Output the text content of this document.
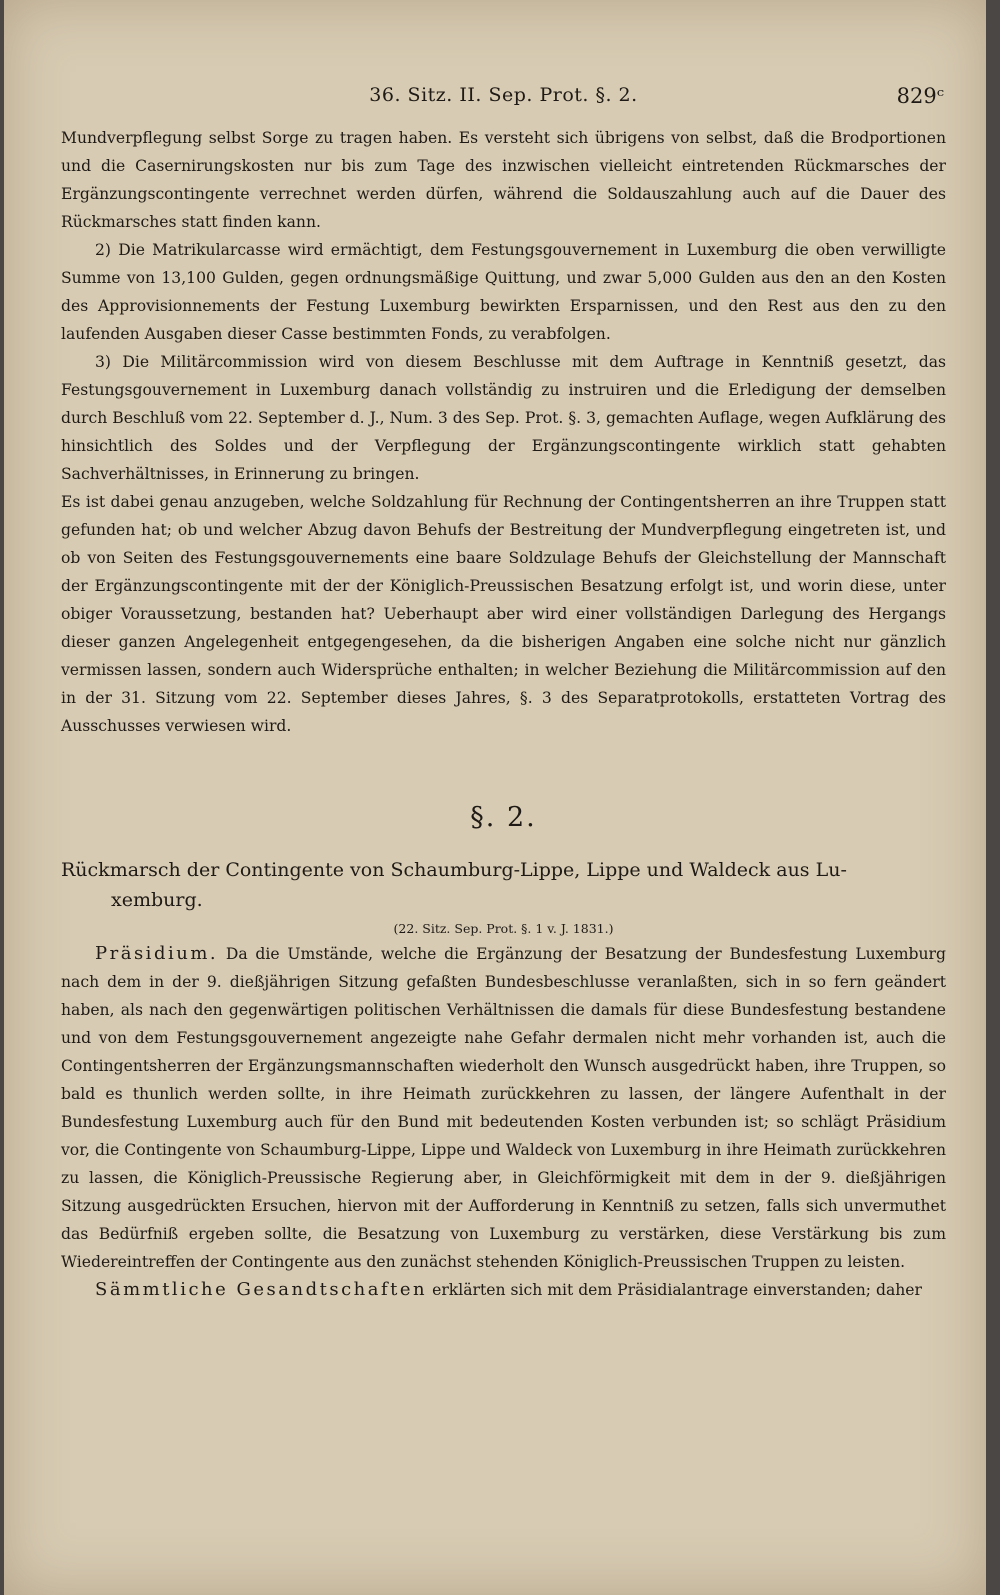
36. Sitz. II. Sep. Prot. §. 2.	829ᶜ

Mundverpflegung selbst Sorge zu tragen haben. Es versteht sich übrigens von selbst, daß die Brodportionen und die Casernirungskosten nur bis zum Tage des inzwischen vielleicht eintretenden Rückmarsches der Ergänzungscontingente verrechnet werden dürfen, während die Soldauszahlung auch auf die Dauer des Rückmarsches statt finden kann.

2) Die Matrikularcasse wird ermächtigt, dem Festungsgouvernement in Luxemburg die oben verwilligte Summe von 13,100 Gulden, gegen ordnungsmäßige Quittung, und zwar 5,000 Gulden aus den an den Kosten des Approvisionnements der Festung Luxemburg bewirkten Ersparnissen, und den Rest aus den zu den laufenden Ausgaben dieser Casse bestimmten Fonds, zu verabfolgen.

3) Die Militärcommission wird von diesem Beschlusse mit dem Auftrage in Kenntniß gesetzt, das Festungsgouvernement in Luxemburg danach vollständig zu instruiren und die Erledigung der demselben durch Beschluß vom 22. September d. J., Num. 3 des Sep. Prot. §. 3, gemachten Auflage, wegen Aufklärung des hinsichtlich des Soldes und der Verpflegung der Ergänzungscontingente wirklich statt gehabten Sachverhältnisses, in Erinnerung zu bringen.

Es ist dabei genau anzugeben, welche Soldzahlung für Rechnung der Contingentsherren an ihre Truppen statt gefunden hat; ob und welcher Abzug davon Behufs der Bestreitung der Mundverpflegung eingetreten ist, und ob von Seiten des Festungsgouvernements eine baare Soldzulage Behufs der Gleichstellung der Mannschaft der Ergänzungscontingente mit der der Königlich-Preussischen Besatzung erfolgt ist, und worin diese, unter obiger Voraussetzung, bestanden hat? Ueberhaupt aber wird einer vollständigen Darlegung des Hergangs dieser ganzen Angelegenheit entgegengesehen, da die bisherigen Angaben eine solche nicht nur gänzlich vermissen lassen, sondern auch Widersprüche enthalten; in welcher Beziehung die Militärcommission auf den in der 31. Sitzung vom 22. September dieses Jahres, §. 3 des Separatprotokolls, erstatteten Vortrag des Ausschusses verwiesen wird.

§. 2.

Rückmarsch der Contingente von Schaumburg-Lippe, Lippe und Waldeck aus Lu-
xemburg.

(22. Sitz. Sep. Prot. §. 1 v. J. 1831.)

Präsidium. Da die Umstände, welche die Ergänzung der Besatzung der Bundesfestung Luxemburg nach dem in der 9. dießjährigen Sitzung gefaßten Bundesbeschlusse veranlaßten, sich in so fern geändert haben, als nach den gegenwärtigen politischen Verhältnissen die damals für diese Bundesfestung bestandene und von dem Festungsgouvernement angezeigte nahe Gefahr dermalen nicht mehr vorhanden ist, auch die Contingentsherren der Ergänzungsmannschaften wiederholt den Wunsch ausgedrückt haben, ihre Truppen, so bald es thunlich werden sollte, in ihre Heimath zurückkehren zu lassen, der längere Aufenthalt in der Bundesfestung Luxemburg auch für den Bund mit bedeutenden Kosten verbunden ist; so schlägt Präsidium vor, die Contingente von Schaumburg-Lippe, Lippe und Waldeck von Luxemburg in ihre Heimath zurückkehren zu lassen, die Königlich-Preussische Regierung aber, in Gleichförmigkeit mit dem in der 9. dießjährigen Sitzung ausgedrückten Ersuchen, hiervon mit der Aufforderung in Kenntniß zu setzen, falls sich unvermuthet das Bedürfniß ergeben sollte, die Besatzung von Luxemburg zu verstärken, diese Verstärkung bis zum Wiedereintreffen der Contingente aus den zunächst stehenden Königlich-Preussischen Truppen zu leisten.

Sämmtliche Gesandtschaften erklärten sich mit dem Präsidialantrage einverstanden; daher
